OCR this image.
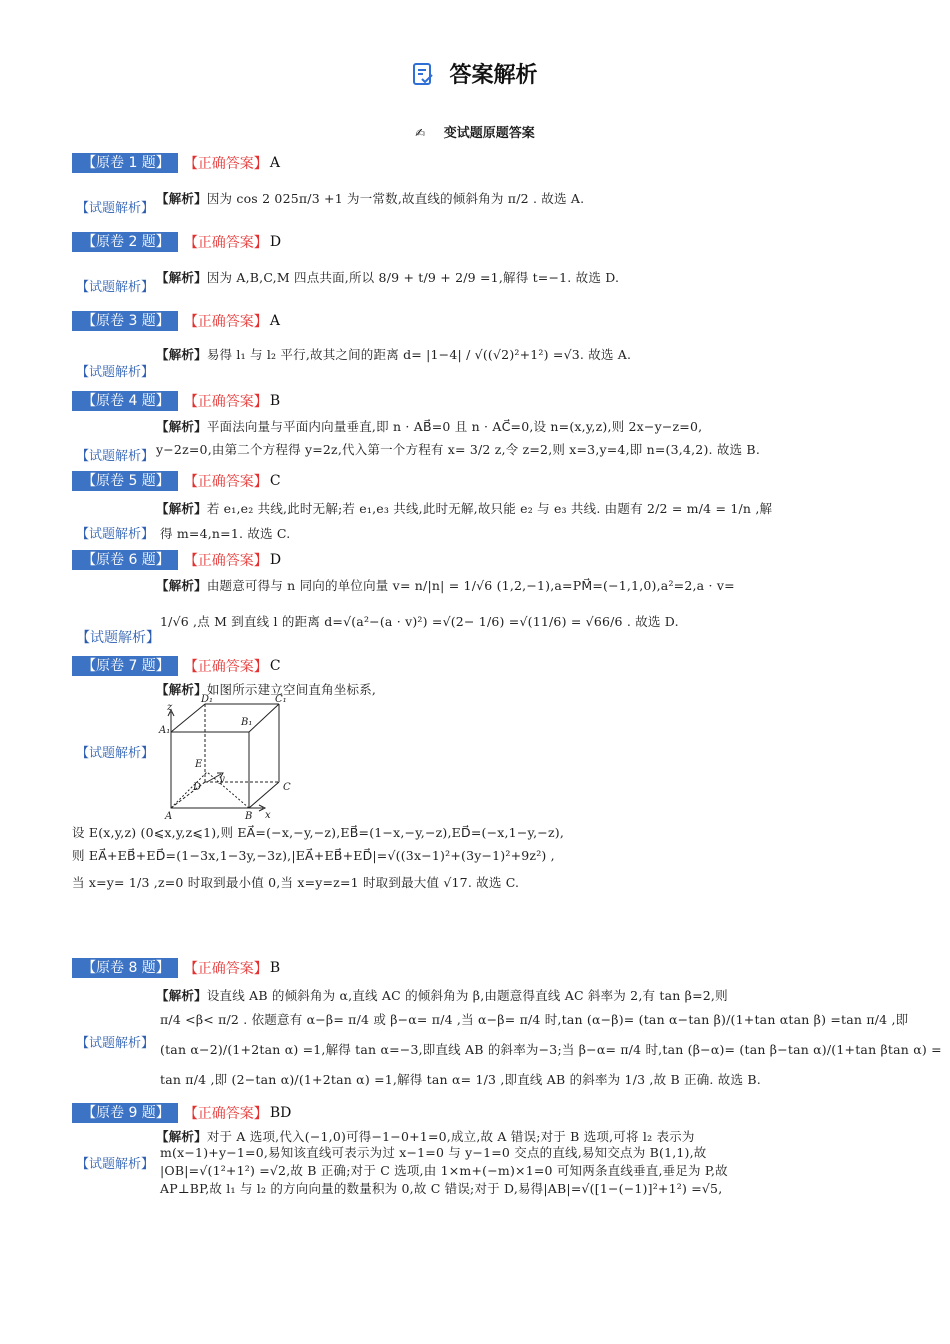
答案解析
✍ 变试题原题答案
【原卷 1 题】	【正确答案】 A
【试题解析】
【解析】因为 cos 2 025π/3 +1 为一常数,故直线的倾斜角为 π/2 . 故选 A.
【原卷 2 题】	【正确答案】 D
【试题解析】
【解析】因为 A,B,C,M 四点共面,所以 8/9 + t/9 + 2/9 =1,解得 t=−1. 故选 D.
【原卷 3 题】	【正确答案】 A
【试题解析】
【解析】易得 l₁ 与 l₂ 平行,故其之间的距离 d= |1−4| / √((√2)²+1²) =√3. 故选 A.
【原卷 4 题】	【正确答案】 B
【试题解析】
【解析】平面法向量与平面内向量垂直,即 n · AB⃗=0 且 n · AC⃗=0,设 n=(x,y,z),则 2x−y−z=0,
y−2z=0,由第二个方程得 y=2z,代入第一个方程有 x= 3/2 z,令 z=2,则 x=3,y=4,即 n=(3,4,2). 故选 B.
【原卷 5 题】	【正确答案】 C
【试题解析】
【解析】若 e₁,e₂ 共线,此时无解;若 e₁,e₃ 共线,此时无解,故只能 e₂ 与 e₃ 共线. 由题有 2/2 = m/4 = 1/n ,解
得 m=4,n=1. 故选 C.
【原卷 6 题】	【正确答案】 D
【试题解析】
【解析】由题意可得与 n 同向的单位向量 v= n/|n| = 1/√6 (1,2,−1),a=PM⃗=(−1,1,0),a²=2,a · v=
1/√6 ,点 M 到直线 l 的距离 d=√(a²−(a · v)²) =√(2− 1/6) =√(11/6) = √66/6 . 故选 D.
【原卷 7 题】	【正确答案】 C
【试题解析】
【解析】如图所示建立空间直角坐标系,
D₁	C₁
B₁
A₁
z
E
y
D	C
A	B x
设 E(x,y,z) (0⩽x,y,z⩽1),则 EA⃗=(−x,−y,−z),EB⃗=(1−x,−y,−z),ED⃗=(−x,1−y,−z),
则 EA⃗+EB⃗+ED⃗=(1−3x,1−3y,−3z),|EA⃗+EB⃗+ED⃗|=√((3x−1)²+(3y−1)²+9z²) ,
当 x=y= 1/3 ,z=0 时取到最小值 0,当 x=y=z=1 时取到最大值 √17. 故选 C.
【原卷 8 题】	【正确答案】 B
【试题解析】
【解析】设直线 AB 的倾斜角为 α,直线 AC 的倾斜角为 β,由题意得直线 AC 斜率为 2,有 tan β=2,则
π/4 <β< π/2 . 依题意有 α−β= π/4 或 β−α= π/4 ,当 α−β= π/4 时,tan (α−β)= (tan α−tan β)/(1+tan αtan β) =tan π/4 ,即
(tan α−2)/(1+2tan α) =1,解得 tan α=−3,即直线 AB 的斜率为−3;当 β−α= π/4 时,tan (β−α)= (tan β−tan α)/(1+tan βtan α) =
tan π/4 ,即 (2−tan α)/(1+2tan α) =1,解得 tan α= 1/3 ,即直线 AB 的斜率为 1/3 ,故 B 正确. 故选 B.
【原卷 9 题】	【正确答案】 BD
【试题解析】
【解析】对于 A 选项,代入(−1,0)可得−1−0+1=0,成立,故 A 错误;对于 B 选项,可将 l₂ 表示为
m(x−1)+y−1=0,易知该直线可表示为过 x−1=0 与 y−1=0 交点的直线,易知交点为 B(1,1),故
|OB|=√(1²+1²) =√2,故 B 正确;对于 C 选项,由 1×m+(−m)×1=0 可知两条直线垂直,垂足为 P,故
AP⊥BP,故 l₁ 与 l₂ 的方向向量的数量积为 0,故 C 错误;对于 D,易得|AB|=√([1−(−1)]²+1²) =√5,
